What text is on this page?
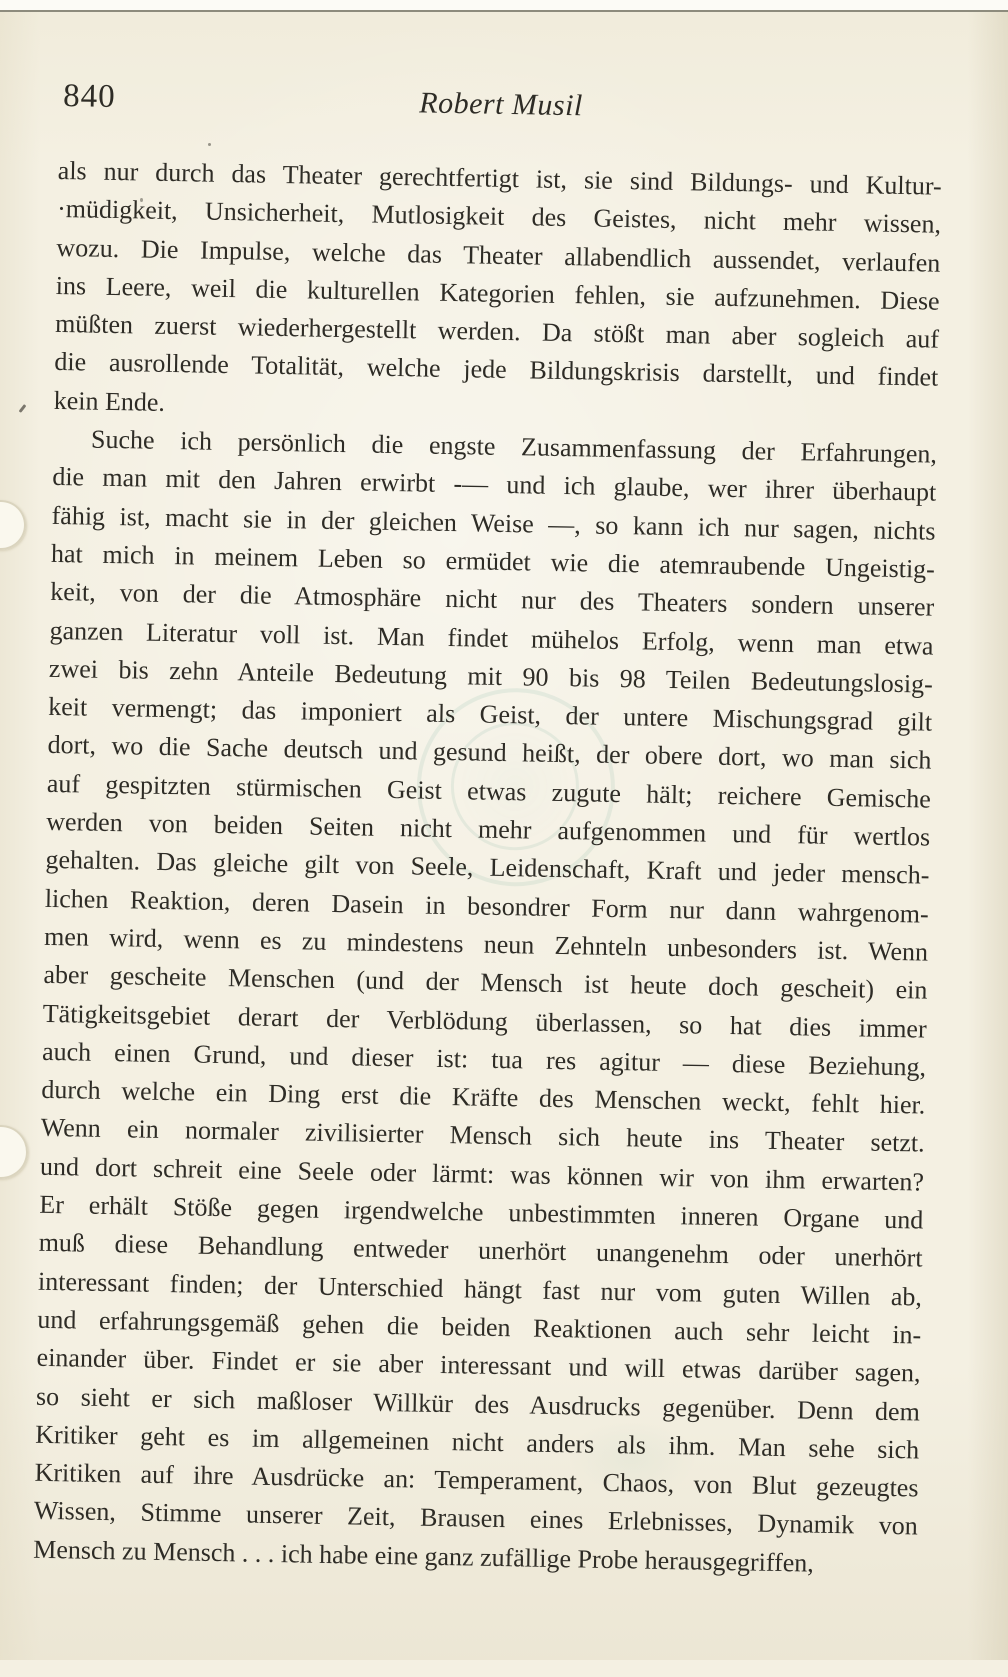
840	Robert Musil
als nur durch das Theater gerechtfertigt ist, sie sind Bildungs- und Kultur-
·müdigkeit, Unsicherheit, Mutlosigkeit des Geistes, nicht mehr wissen,
wozu. Die Impulse, welche das Theater allabendlich aussendet, verlaufen
ins Leere, weil die kulturellen Kategorien fehlen, sie aufzunehmen. Diese
müßten zuerst wiederhergestellt werden. Da stößt man aber sogleich auf
die ausrollende Totalität, welche jede Bildungskrisis darstellt, und findet
kein Ende.
Suche ich persönlich die engste Zusammenfassung der Erfahrungen,
die man mit den Jahren erwirbt -— und ich glaube, wer ihrer überhaupt
fähig ist, macht sie in der gleichen Weise —, so kann ich nur sagen, nichts
hat mich in meinem Leben so ermüdet wie die atemraubende Ungeistig-
keit, von der die Atmosphäre nicht nur des Theaters sondern unserer
ganzen Literatur voll ist. Man findet mühelos Erfolg, wenn man etwa
zwei bis zehn Anteile Bedeutung mit 90 bis 98 Teilen Bedeutungslosig-
keit vermengt; das imponiert als Geist, der untere Mischungsgrad gilt
dort, wo die Sache deutsch und gesund heißt, der obere dort, wo man sich
auf gespitzten stürmischen Geist etwas zugute hält; reichere Gemische
werden von beiden Seiten nicht mehr aufgenommen und für wertlos
gehalten. Das gleiche gilt von Seele, Leidenschaft, Kraft und jeder mensch-
lichen Reaktion, deren Dasein in besondrer Form nur dann wahrgenom-
men wird, wenn es zu mindestens neun Zehnteln unbesonders ist. Wenn
aber gescheite Menschen (und der Mensch ist heute doch gescheit) ein
Tätigkeitsgebiet derart der Verblödung überlassen, so hat dies immer
auch einen Grund, und dieser ist: tua res agitur — diese Beziehung,
durch welche ein Ding erst die Kräfte des Menschen weckt, fehlt hier.
Wenn ein normaler zivilisierter Mensch sich heute ins Theater setzt.
und dort schreit eine Seele oder lärmt: was können wir von ihm erwarten?
Er erhält Stöße gegen irgendwelche unbestimmten inneren Organe und
muß diese Behandlung entweder unerhört unangenehm oder unerhört
interessant finden; der Unterschied hängt fast nur vom guten Willen ab,
und erfahrungsgemäß gehen die beiden Reaktionen auch sehr leicht in-
einander über. Findet er sie aber interessant und will etwas darüber sagen,
so sieht er sich maßloser Willkür des Ausdrucks gegenüber. Denn dem
Kritiker geht es im allgemeinen nicht anders als ihm. Man sehe sich
Kritiken auf ihre Ausdrücke an: Temperament, Chaos, von Blut gezeugtes
Wissen, Stimme unserer Zeit, Brausen eines Erlebnisses, Dynamik von
Mensch zu Mensch . . . ich habe eine ganz zufällige Probe herausgegriffen,
